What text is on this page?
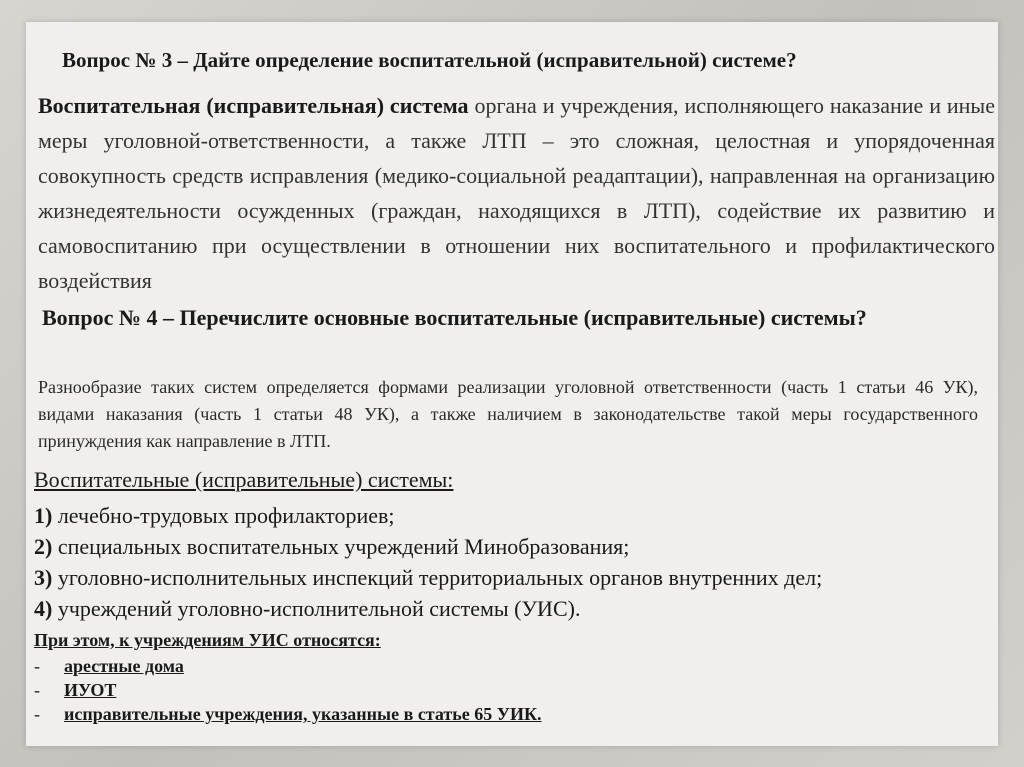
Вопрос № 3 – Дайте определение воспитательной (исправительной) системе?
Воспитательная (исправительная) система органа и учреждения, исполняющего наказание и иные меры уголовной-ответственности, а также ЛТП – это сложная, целостная и упорядоченная совокупность средств исправления (медико-социальной реадаптации), направленная на организацию жизнедеятельности осужденных (граждан, находящихся в ЛТП), содействие их развитию и самовоспитанию при осуществлении в отношении них воспитательного и профилактического воздействия
Вопрос № 4 – Перечислите основные воспитательные (исправительные) системы?
Разнообразие таких систем определяется формами реализации уголовной ответственности (часть 1 статьи 46 УК), видами наказания (часть 1 статьи 48 УК), а также наличием в законодательстве такой меры государственного принуждения как направление в ЛТП.
Воспитательные (исправительные) системы:
1) лечебно-трудовых профилакториев;
2) специальных воспитательных учреждений Минобразования;
3) уголовно-исполнительных инспекций территориальных органов внутренних дел;
4) учреждений уголовно-исполнительной системы (УИС).
При этом, к учреждениям УИС относятся:
-	арестные дома
-	ИУОТ
-	исправительные учреждения, указанные в статье 65 УИК.
